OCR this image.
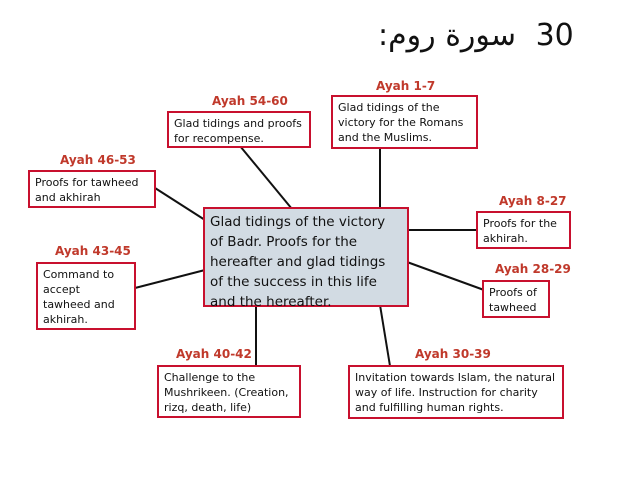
سورة روم: 30
Glad tidings of the victory of Badr. Proofs for the hereafter and glad tidings of the success in this life and the hereafter.
Ayah 1-7
Glad tidings of the victory for the Romans and the Muslims.
Ayah 54-60
Glad tidings and proofs for recompense.
Ayah 46-53
Proofs for tawheed and akhirah
Ayah 43-45
Command to accept tawheed and akhirah.
Ayah 8-27
Proofs for the akhirah.
Ayah 28-29
Proofs of tawheed
Ayah 40-42
Challenge to the Mushrikeen. (Creation, rizq, death, life)
Ayah 30-39
Invitation towards Islam, the natural way of life. Instruction for charity and fulfilling human rights.
